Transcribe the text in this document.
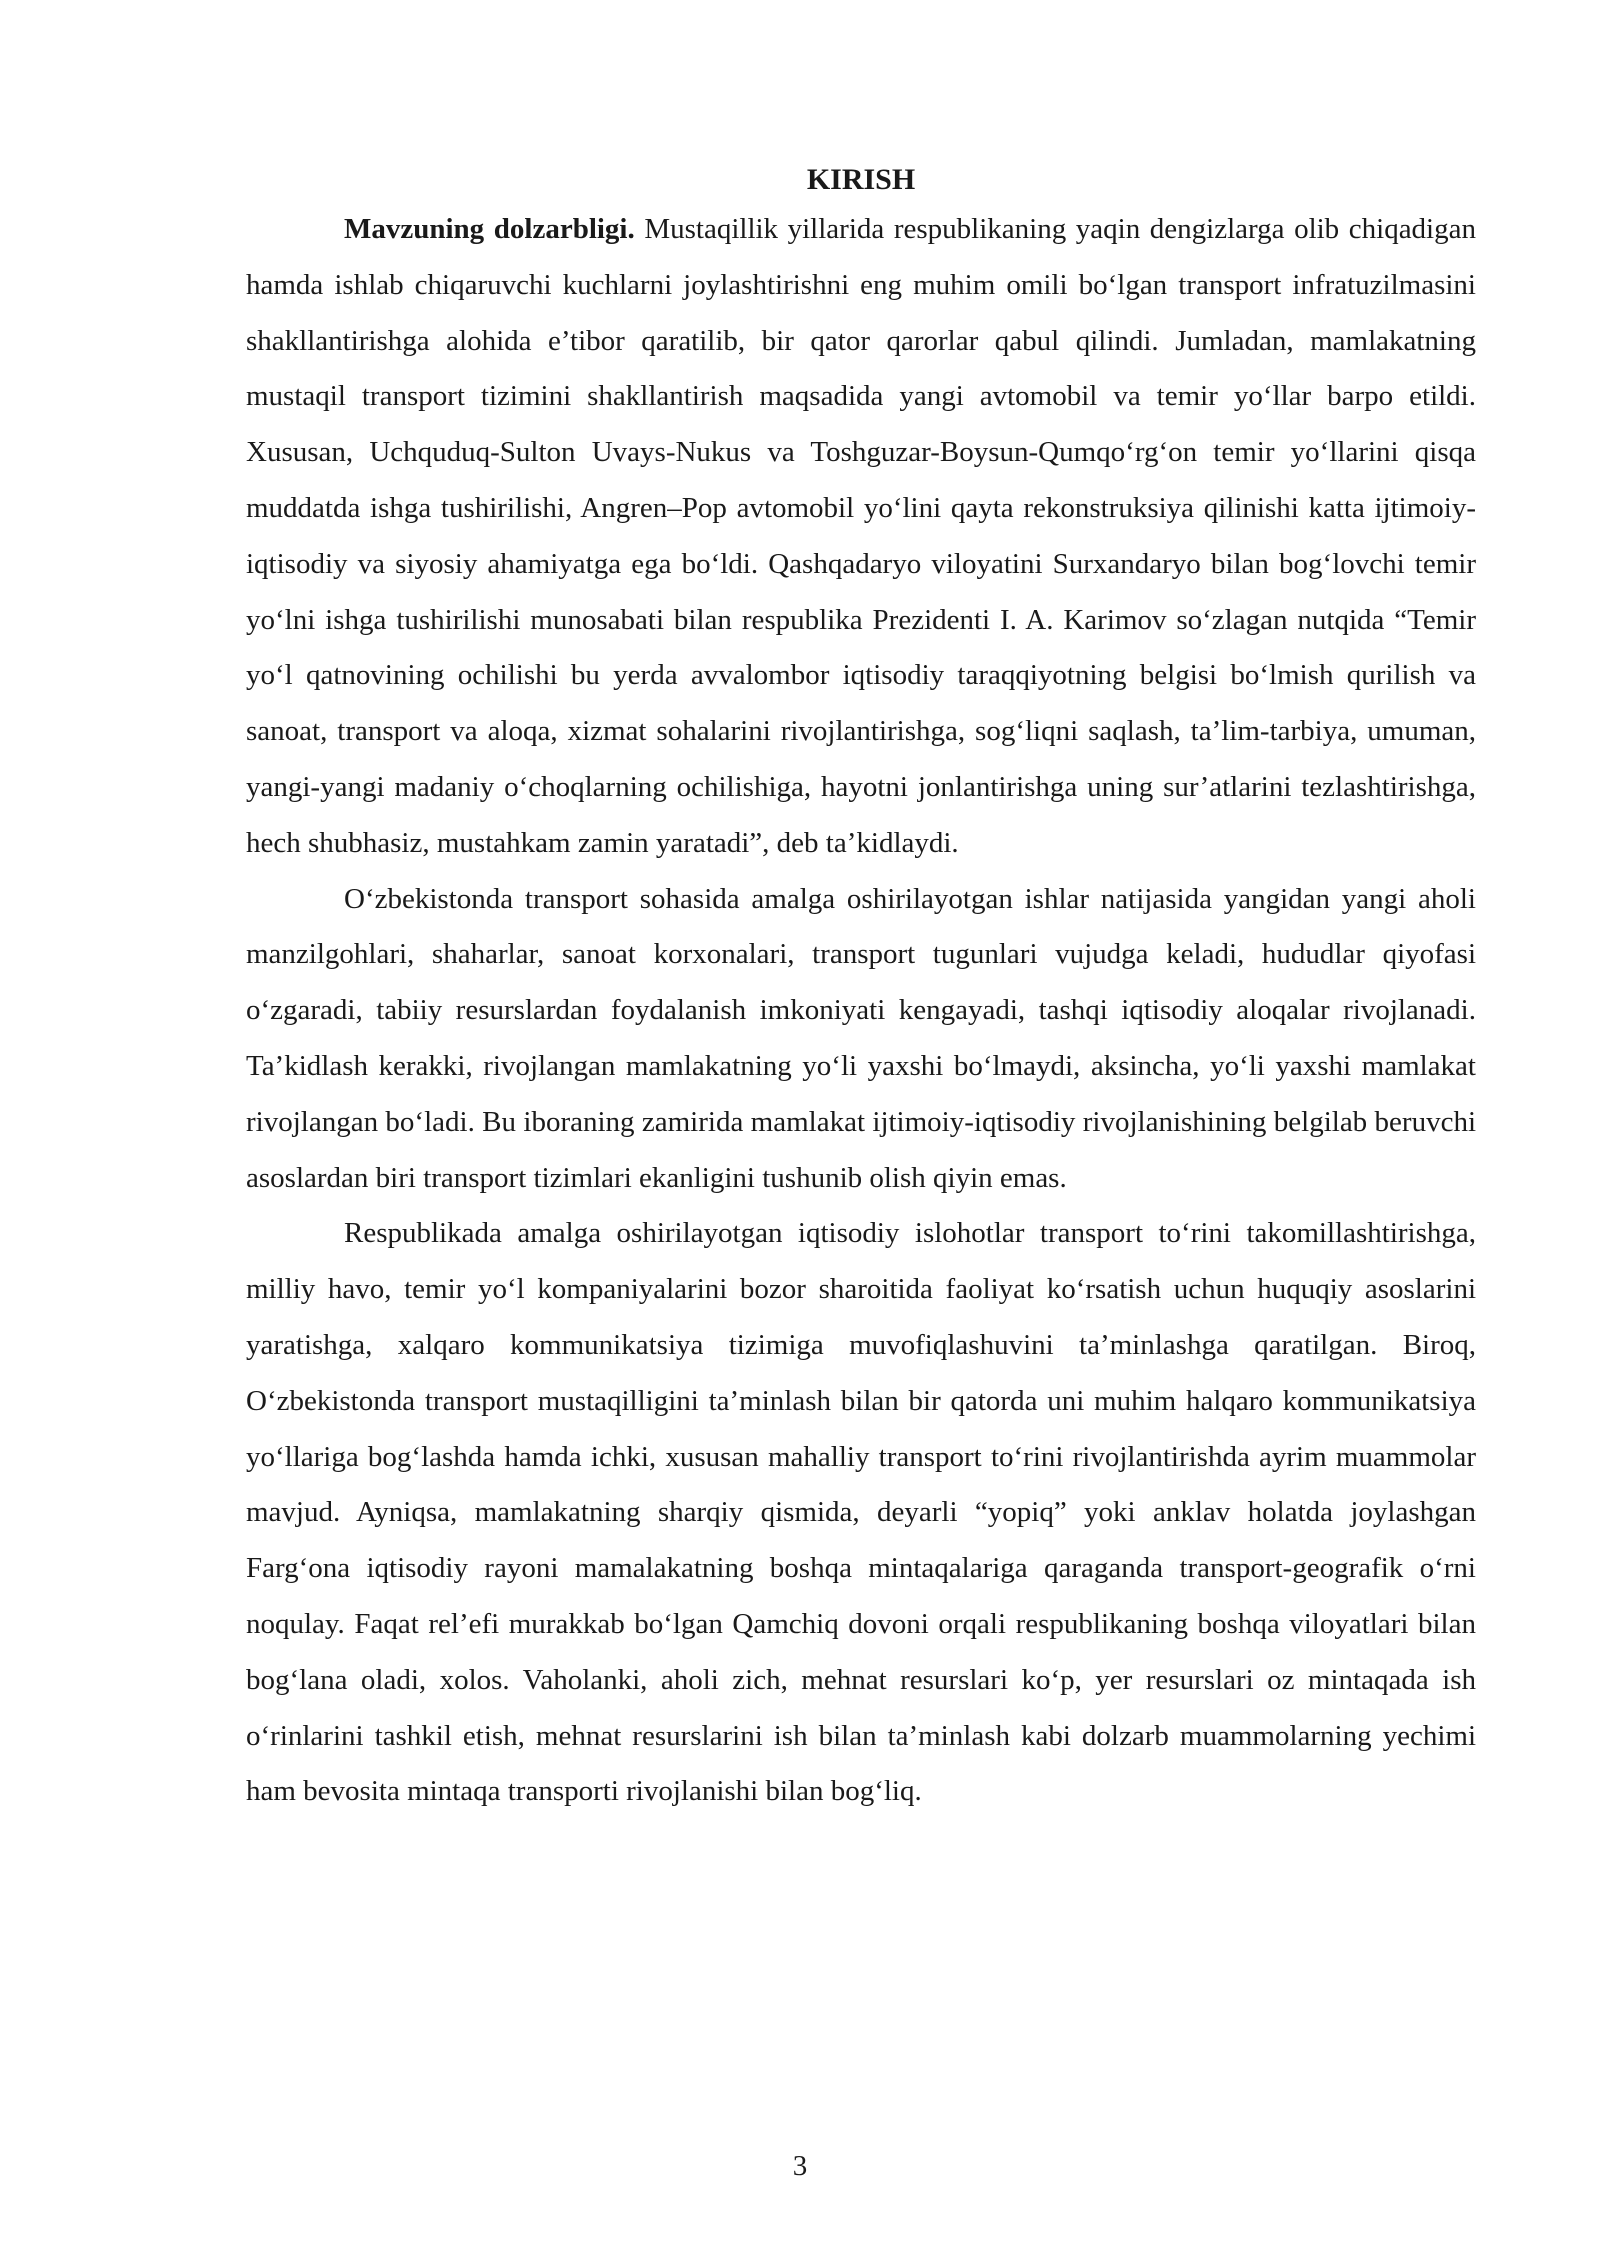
KIRISH

Mavzuning dolzarbligi. Mustaqillik yillarida respublikaning yaqin dengizlarga olib chiqadigan hamda ishlab chiqaruvchi kuchlarni joylashtirishni eng muhim omili bo‘lgan transport infratuzilmasini shakllantirishga alohida e’tibor qaratilib, bir qator qarorlar qabul qilindi. Jumladan, mamlakatning mustaqil transport tizimini shakllantirish maqsadida yangi avtomobil va temir yo‘llar barpo etildi. Xususan, Uchquduq-Sulton Uvays-Nukus va Toshguzar-Boysun-Qumqo‘rg‘on temir yo‘llarini qisqa muddatda ishga tushirilishi, Angren–Pop avtomobil yo‘lini qayta rekonstruksiya qilinishi katta ijtimoiy-iqtisodiy va siyosiy ahamiyatga ega bo‘ldi. Qashqadaryo viloyatini Surxandaryo bilan bog‘lovchi temir yo‘lni ishga tushirilishi munosabati bilan respublika Prezidenti I. A. Karimov so‘zlagan nutqida “Temir yo‘l qatnovining ochilishi bu yerda avvalombor iqtisodiy taraqqiyotning belgisi bo‘lmish qurilish va sanoat, transport va aloqa, xizmat sohalarini rivojlantirishga, sog‘liqni saqlash, ta’lim-tarbiya, umuman, yangi-yangi madaniy o‘choqlarning ochilishiga, hayotni jonlantirishga uning sur’atlarini tezlashtirishga, hech shubhasiz, mustahkam zamin yaratadi”, deb ta’kidlaydi.

O‘zbekistonda transport sohasida amalga oshirilayotgan ishlar natijasida yangidan yangi aholi manzilgohlari, shaharlar, sanoat korxonalari, transport tugunlari vujudga keladi, hududlar qiyofasi o‘zgaradi, tabiiy resurslardan foydalanish imkoniyati kengayadi, tashqi iqtisodiy aloqalar rivojlanadi. Ta’kidlash kerakki, rivojlangan mamlakatning yo‘li yaxshi bo‘lmaydi, aksincha, yo‘li yaxshi mamlakat rivojlangan bo‘ladi. Bu iboraning zamirida mamlakat ijtimoiy-iqtisodiy rivojlanishining belgilab beruvchi asoslardan biri transport tizimlari ekanligini tushunib olish qiyin emas.

Respublikada amalga oshirilayotgan iqtisodiy islohotlar transport to‘rini takomillashtirishga, milliy havo, temir yo‘l kompaniyalarini bozor sharoitida faoliyat ko‘rsatish uchun huquqiy asoslarini yaratishga, xalqaro kommunikatsiya tizimiga muvofiqlashuvini ta’minlashga qaratilgan. Biroq, O‘zbekistonda transport mustaqilligini ta’minlash bilan bir qatorda uni muhim halqaro kommunikatsiya yo‘llariga bog‘lashda hamda ichki, xususan mahalliy transport to‘rini rivojlantirishda ayrim muammolar mavjud. Ayniqsa, mamlakatning sharqiy qismida, deyarli “yopiq” yoki anklav holatda joylashgan Farg‘ona iqtisodiy rayoni mamalakatning boshqa mintaqalariga qaraganda transport-geografik o‘rni noqulay. Faqat rel’efi murakkab bo‘lgan Qamchiq dovoni orqali respublikaning boshqa viloyatlari bilan bog‘lana oladi, xolos. Vaholanki, aholi zich, mehnat resurslari ko‘p, yer resurslari oz mintaqada ish o‘rinlarini tashkil etish, mehnat resurslarini ish bilan ta’minlash kabi dolzarb muammolarning yechimi ham bevosita mintaqa transporti rivojlanishi bilan bog‘liq.

3
